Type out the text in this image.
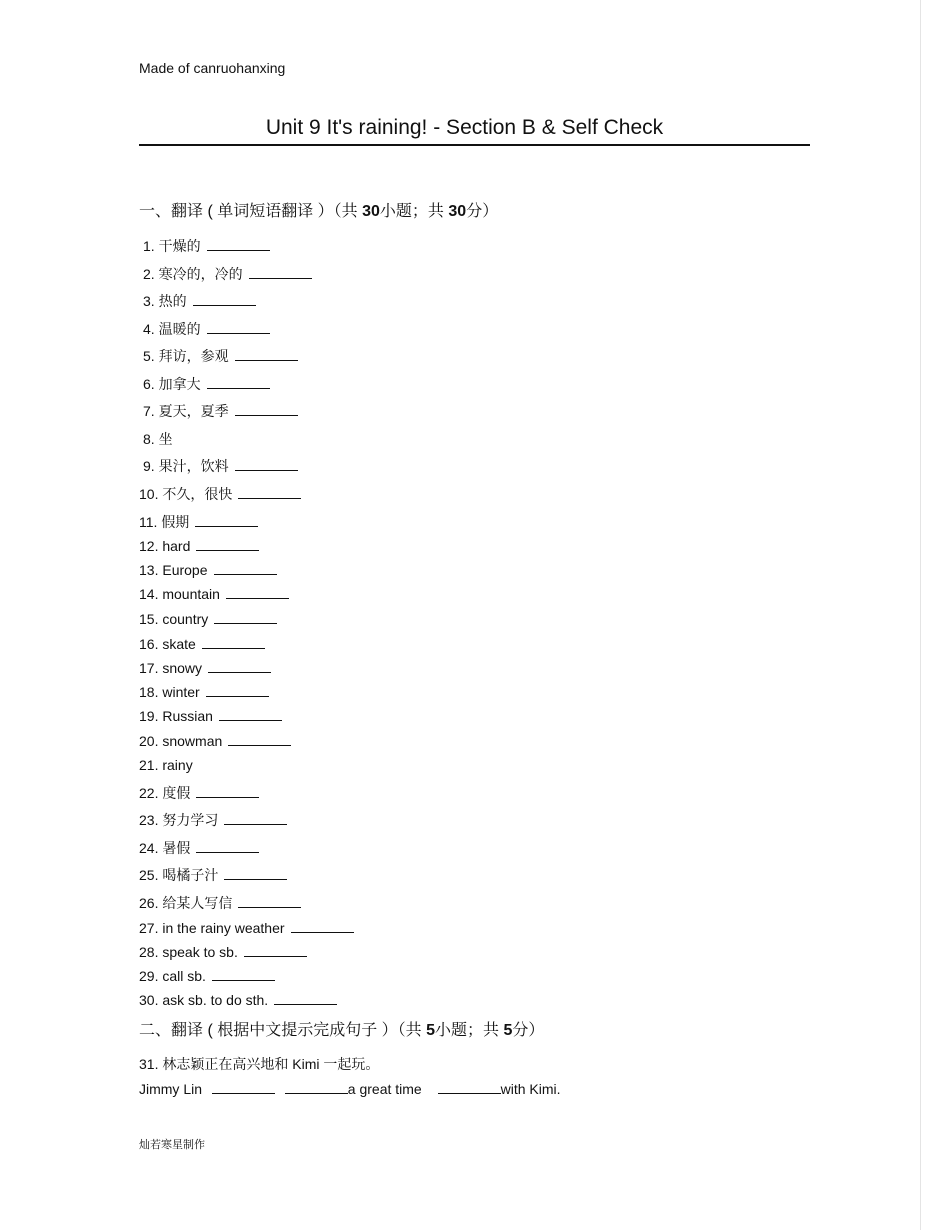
Made of canruohanxing
Unit 9 It's raining! - Section B & Self Check
一、翻译 ( 单词短语翻译 ）（共 30小题；共 30分）
1. 干燥的
2. 寒冷的，冷的
3. 热的
4. 温暖的
5. 拜访，参观
6. 加拿大
7. 夏天，夏季
8. 坐
9. 果汁，饮料
10. 不久，很快
11. 假期
12. hard
13. Europe
14. mountain
15. country
16. skate
17. snowy
18. winter
19. Russian
20. snowman
21. rainy
22. 度假
23. 努力学习
24. 暑假
25. 喝橘子汁
26. 给某人写信
27. in the rainy weather
28. speak to sb.
29. call sb.
30. ask sb. to do sth.
二、翻译 ( 根据中文提示完成句子 ）（共 5小题；共 5分）
31. 林志颖正在高兴地和 Kimi 一起玩。
Jimmy Lin	a great time	with Kimi.
灿若寒星制作
